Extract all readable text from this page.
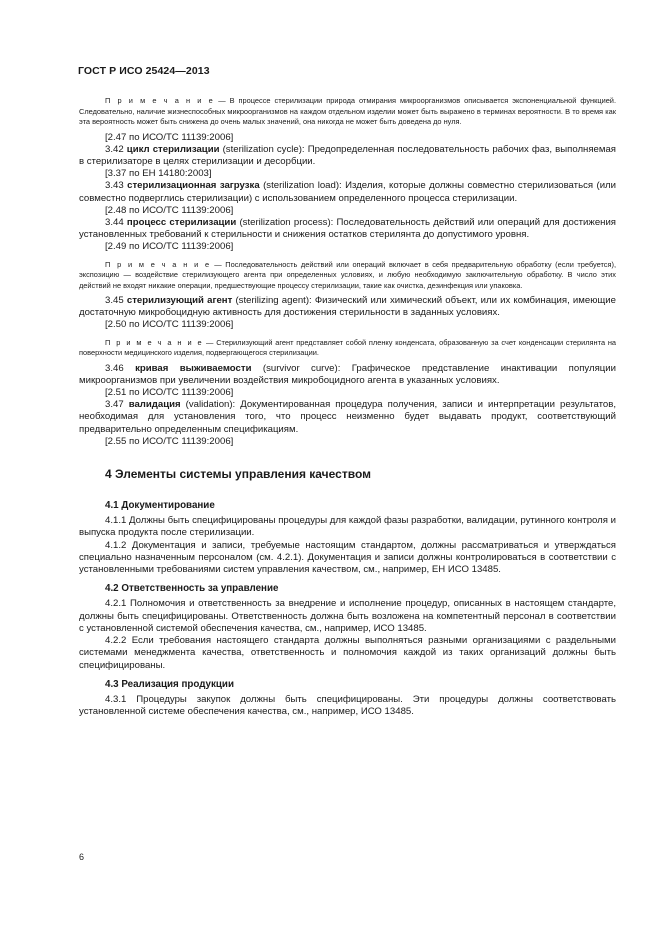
ГОСТ Р ИСО 25424—2013

П р и м е ч а н и е — В процессе стерилизации природа отмирания микроорганизмов описывается экспоненциальной функцией. Следовательно, наличие жизнеспособных микроорганизмов на каждом отдельном изделии может быть выражено в терминах вероятности. В то время как эта вероятность может быть снижена до очень малых значений, она никогда не может быть доведена до нуля.

[2.47 по ИСО/ТС 11139:2006]

3.42 цикл стерилизации (sterilization cycle): Предопределенная последовательность рабочих фаз, выполняемая в стерилизаторе в целях стерилизации и десорбции.

[3.37 по ЕН 14180:2003]

3.43 стерилизационная загрузка (sterilization load): Изделия, которые должны совместно стерилизоваться (или совместно подверглись стерилизации) с использованием определенного процесса стерилизации.

[2.48 по ИСО/ТС 11139:2006]

3.44 процесс стерилизации (sterilization process): Последовательность действий или операций для достижения установленных требований к стерильности и снижения остатков стерилянта до допустимого уровня.

[2.49 по ИСО/ТС 11139:2006]

П р и м е ч а н и е — Последовательность действий или операций включает в себя предварительную обработку (если требуется), экспозицию — воздействие стерилизующего агента при определенных условиях, и любую необходимую заключительную обработку. В число этих действий не входят никакие операции, предшествующие процессу стерилизации, такие как очистка, дезинфекция или упаковка.

3.45 стерилизующий агент (sterilizing agent): Физический или химический объект, или их комбинация, имеющие достаточную микробоцидную активность для достижения стерильности в заданных условиях.

[2.50 по ИСО/ТС 11139:2006]

П р и м е ч а н и е — Стерилизующий агент представляет собой пленку конденсата, образованную за счет конденсации стерилянта на поверхности медицинского изделия, подвергающегося стерилизации.

3.46 кривая выживаемости (survivor curve): Графическое представление инактивации популяции микроорганизмов при увеличении воздействия микробоцидного агента в указанных условиях.

[2.51 по ИСО/ТС 11139:2006]

3.47 валидация (validation): Документированная процедура получения, записи и интерпретации результатов, необходимая для установления того, что процесс неизменно будет выдавать продукт, соответствующий предварительно определенным спецификациям.

[2.55 по ИСО/ТС 11139:2006]

4 Элементы системы управления качеством

4.1 Документирование

4.1.1 Должны быть специфицированы процедуры для каждой фазы разработки, валидации, рутинного контроля и выпуска продукта после стерилизации.

4.1.2 Документация и записи, требуемые настоящим стандартом, должны рассматриваться и утверждаться специально назначенным персоналом (см. 4.2.1). Документация и записи должны контролироваться в соответствии с установленными требованиями систем управления качеством, см., например, ЕН ИСО 13485.

4.2 Ответственность за управление

4.2.1 Полномочия и ответственность за внедрение и исполнение процедур, описанных в настоящем стандарте, должны быть специфицированы. Ответственность должна быть возложена на компетентный персонал в соответствии с установленной системой обеспечения качества, см., например, ИСО 13485.

4.2.2 Если требования настоящего стандарта должны выполняться разными организациями с раздельными системами менеджмента качества, ответственность и полномочия каждой из таких организаций должны быть специфицированы.

4.3 Реализация продукции

4.3.1 Процедуры закупок должны быть специфицированы. Эти процедуры должны соответствовать установленной системе обеспечения качества, см., например, ИСО 13485.

6
